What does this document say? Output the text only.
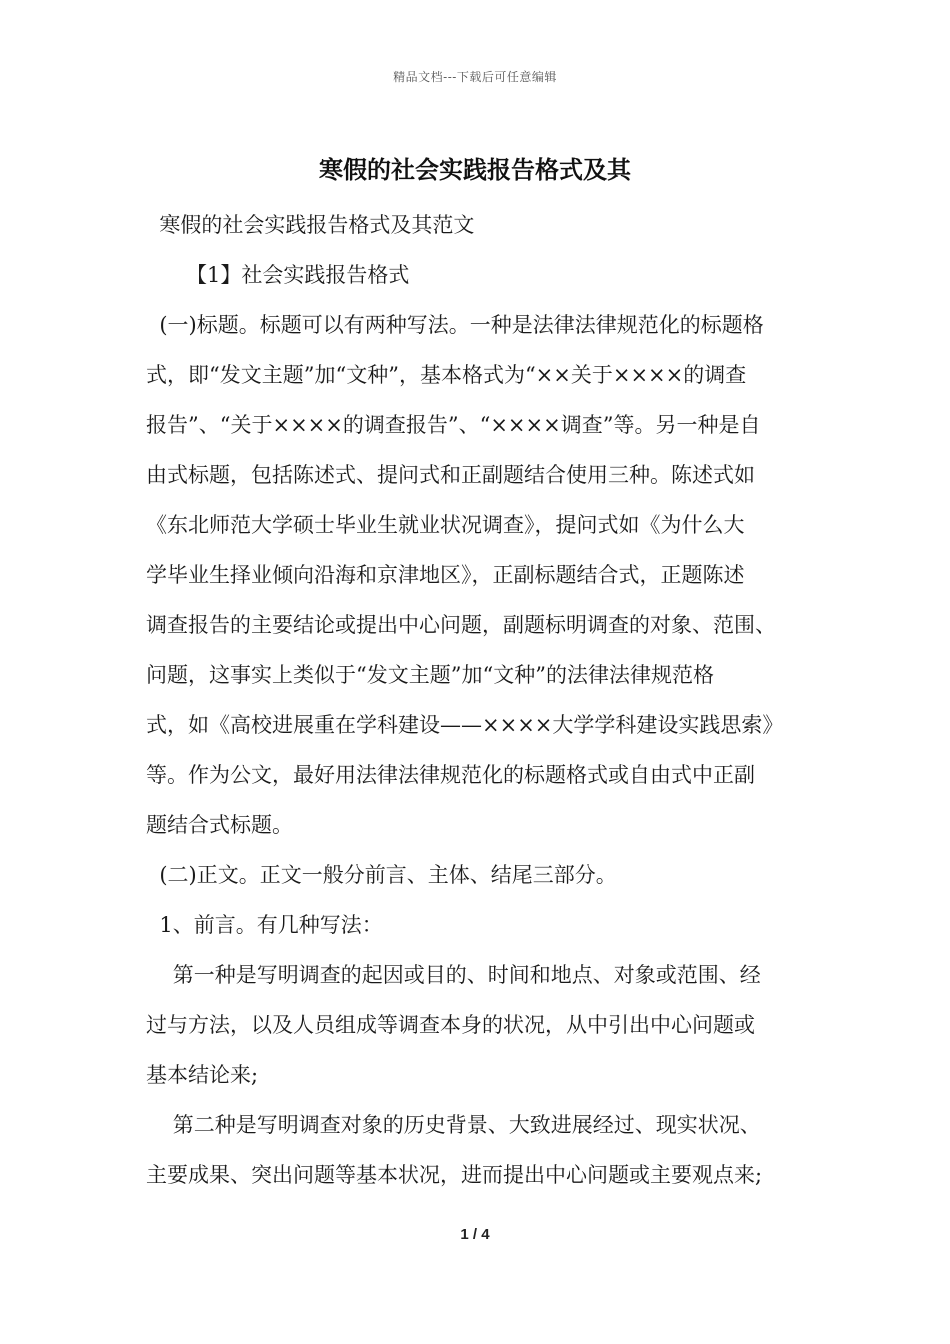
精品文档---下载后可任意编辑
寒假的社会实践报告格式及其
寒假的社会实践报告格式及其范文
【1】社会实践报告格式
(一)标题。标题可以有两种写法。一种是法律法律规范化的标题格
式，即“发文主题”加“文种”，基本格式为“××关于××××的调查
报告”、“关于××××的调查报告”、“××××调查”等。另一种是自
由式标题，包括陈述式、提问式和正副题结合使用三种。陈述式如
《东北师范大学硕士毕业生就业状况调查》，提问式如《为什么大
学毕业生择业倾向沿海和京津地区》，正副标题结合式，正题陈述
调查报告的主要结论或提出中心问题，副题标明调查的对象、范围、
问题，这事实上类似于“发文主题”加“文种”的法律法律规范格
式，如《高校进展重在学科建设——××××大学学科建设实践思索》
等。作为公文，最好用法律法律规范化的标题格式或自由式中正副
题结合式标题。
(二)正文。正文一般分前言、主体、结尾三部分。
1、前言。有几种写法：
第一种是写明调查的起因或目的、时间和地点、对象或范围、经
过与方法，以及人员组成等调查本身的状况，从中引出中心问题或
基本结论来;
第二种是写明调查对象的历史背景、大致进展经过、现实状况、
主要成果、突出问题等基本状况，进而提出中心问题或主要观点来;
1 / 4
